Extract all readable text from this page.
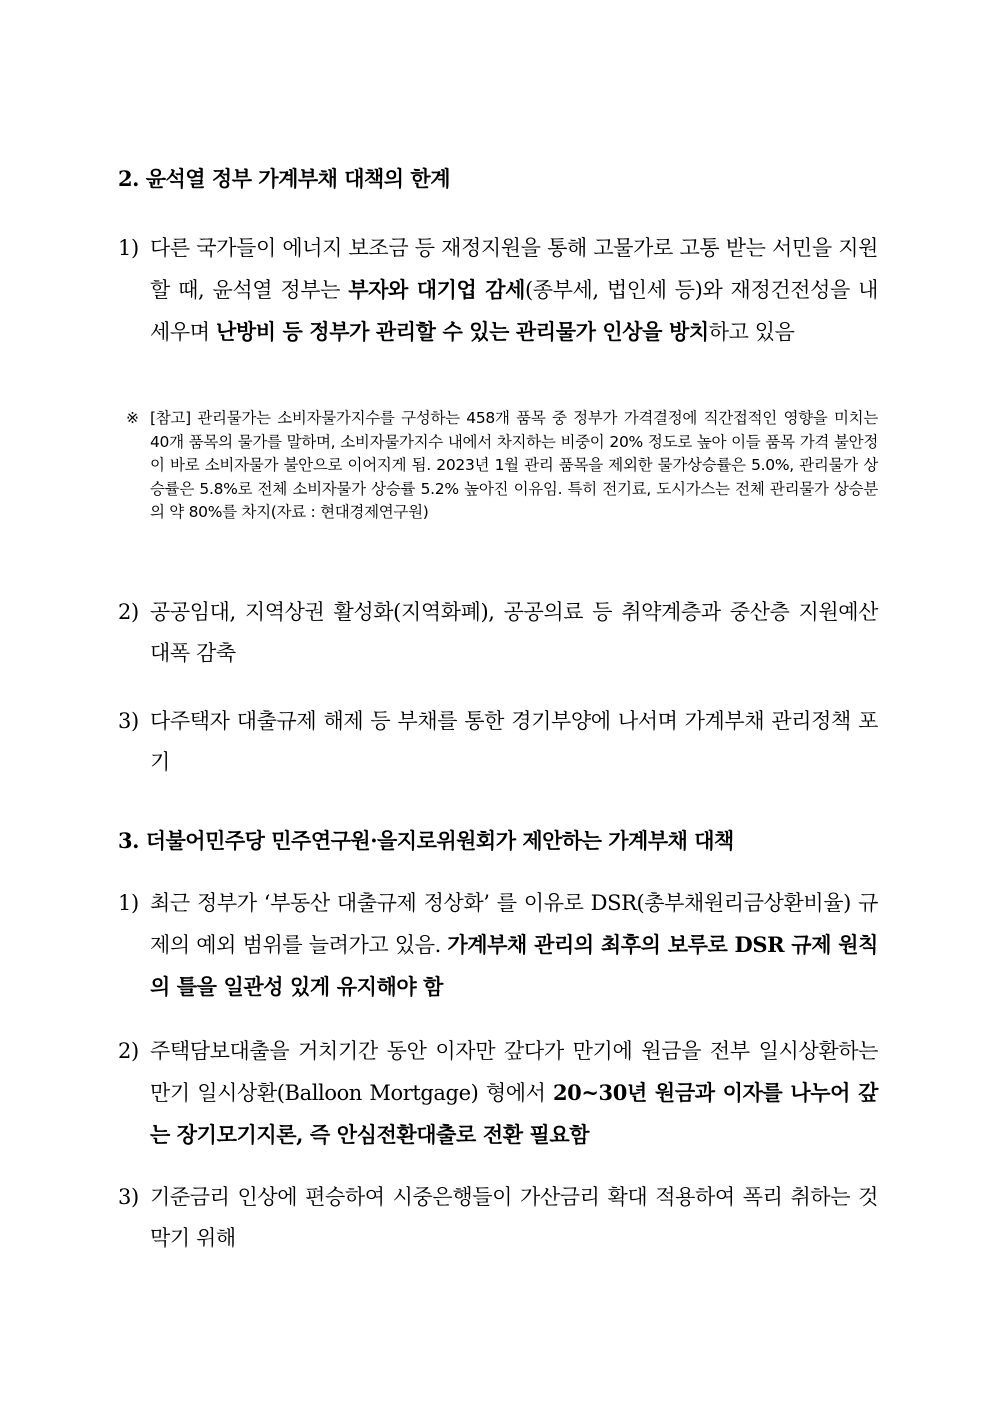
2. 윤석열 정부 가계부채 대책의 한계
1) 다른 국가들이 에너지 보조금 등 재정지원을 통해 고물가로 고통 받는 서민을 지원할 때, 윤석열 정부는 부자와 대기업 감세(종부세, 법인세 등)와 재정건전성을 내세우며 난방비 등 정부가 관리할 수 있는 관리물가 인상을 방치하고 있음
※ [참고] 관리물가는 소비자물가지수를 구성하는 458개 품목 중 정부가 가격결정에 직간접적인 영향을 미치는 40개 품목의 물가를 말하며, 소비자물가지수 내에서 차지하는 비중이 20% 정도로 높아 이들 품목 가격 불안정이 바로 소비자물가 불안으로 이어지게 됨. 2023년 1월 관리 품목을 제외한 물가상승률은 5.0%, 관리물가 상승률은 5.8%로 전체 소비자물가 상승률 5.2% 높아진 이유임. 특히 전기료, 도시가스는 전체 관리물가 상승분의 약 80%를 차지(자료 : 현대경제연구원)
2) 공공임대, 지역상권 활성화(지역화폐), 공공의료 등 취약계층과 중산층 지원예산 대폭 감축
3) 다주택자 대출규제 해제 등 부채를 통한 경기부양에 나서며 가계부채 관리정책 포기
3. 더불어민주당 민주연구원·을지로위원회가 제안하는 가계부채 대책
1) 최근 정부가 ‘부동산 대출규제 정상화’ 를 이유로 DSR(총부채원리금상환비율) 규제의 예외 범위를 늘려가고 있음. 가계부채 관리의 최후의 보루로 DSR 규제 원칙의 틀을 일관성 있게 유지해야 함
2) 주택담보대출을 거치기간 동안 이자만 갚다가 만기에 원금을 전부 일시상환하는 만기 일시상환(Balloon Mortgage) 형에서 20~30년 원금과 이자를 나누어 갚는 장기모기지론, 즉 안심전환대출로 전환 필요함
3) 기준금리 인상에 편승하여 시중은행들이 가산금리 확대 적용하여 폭리 취하는 것 막기 위해
